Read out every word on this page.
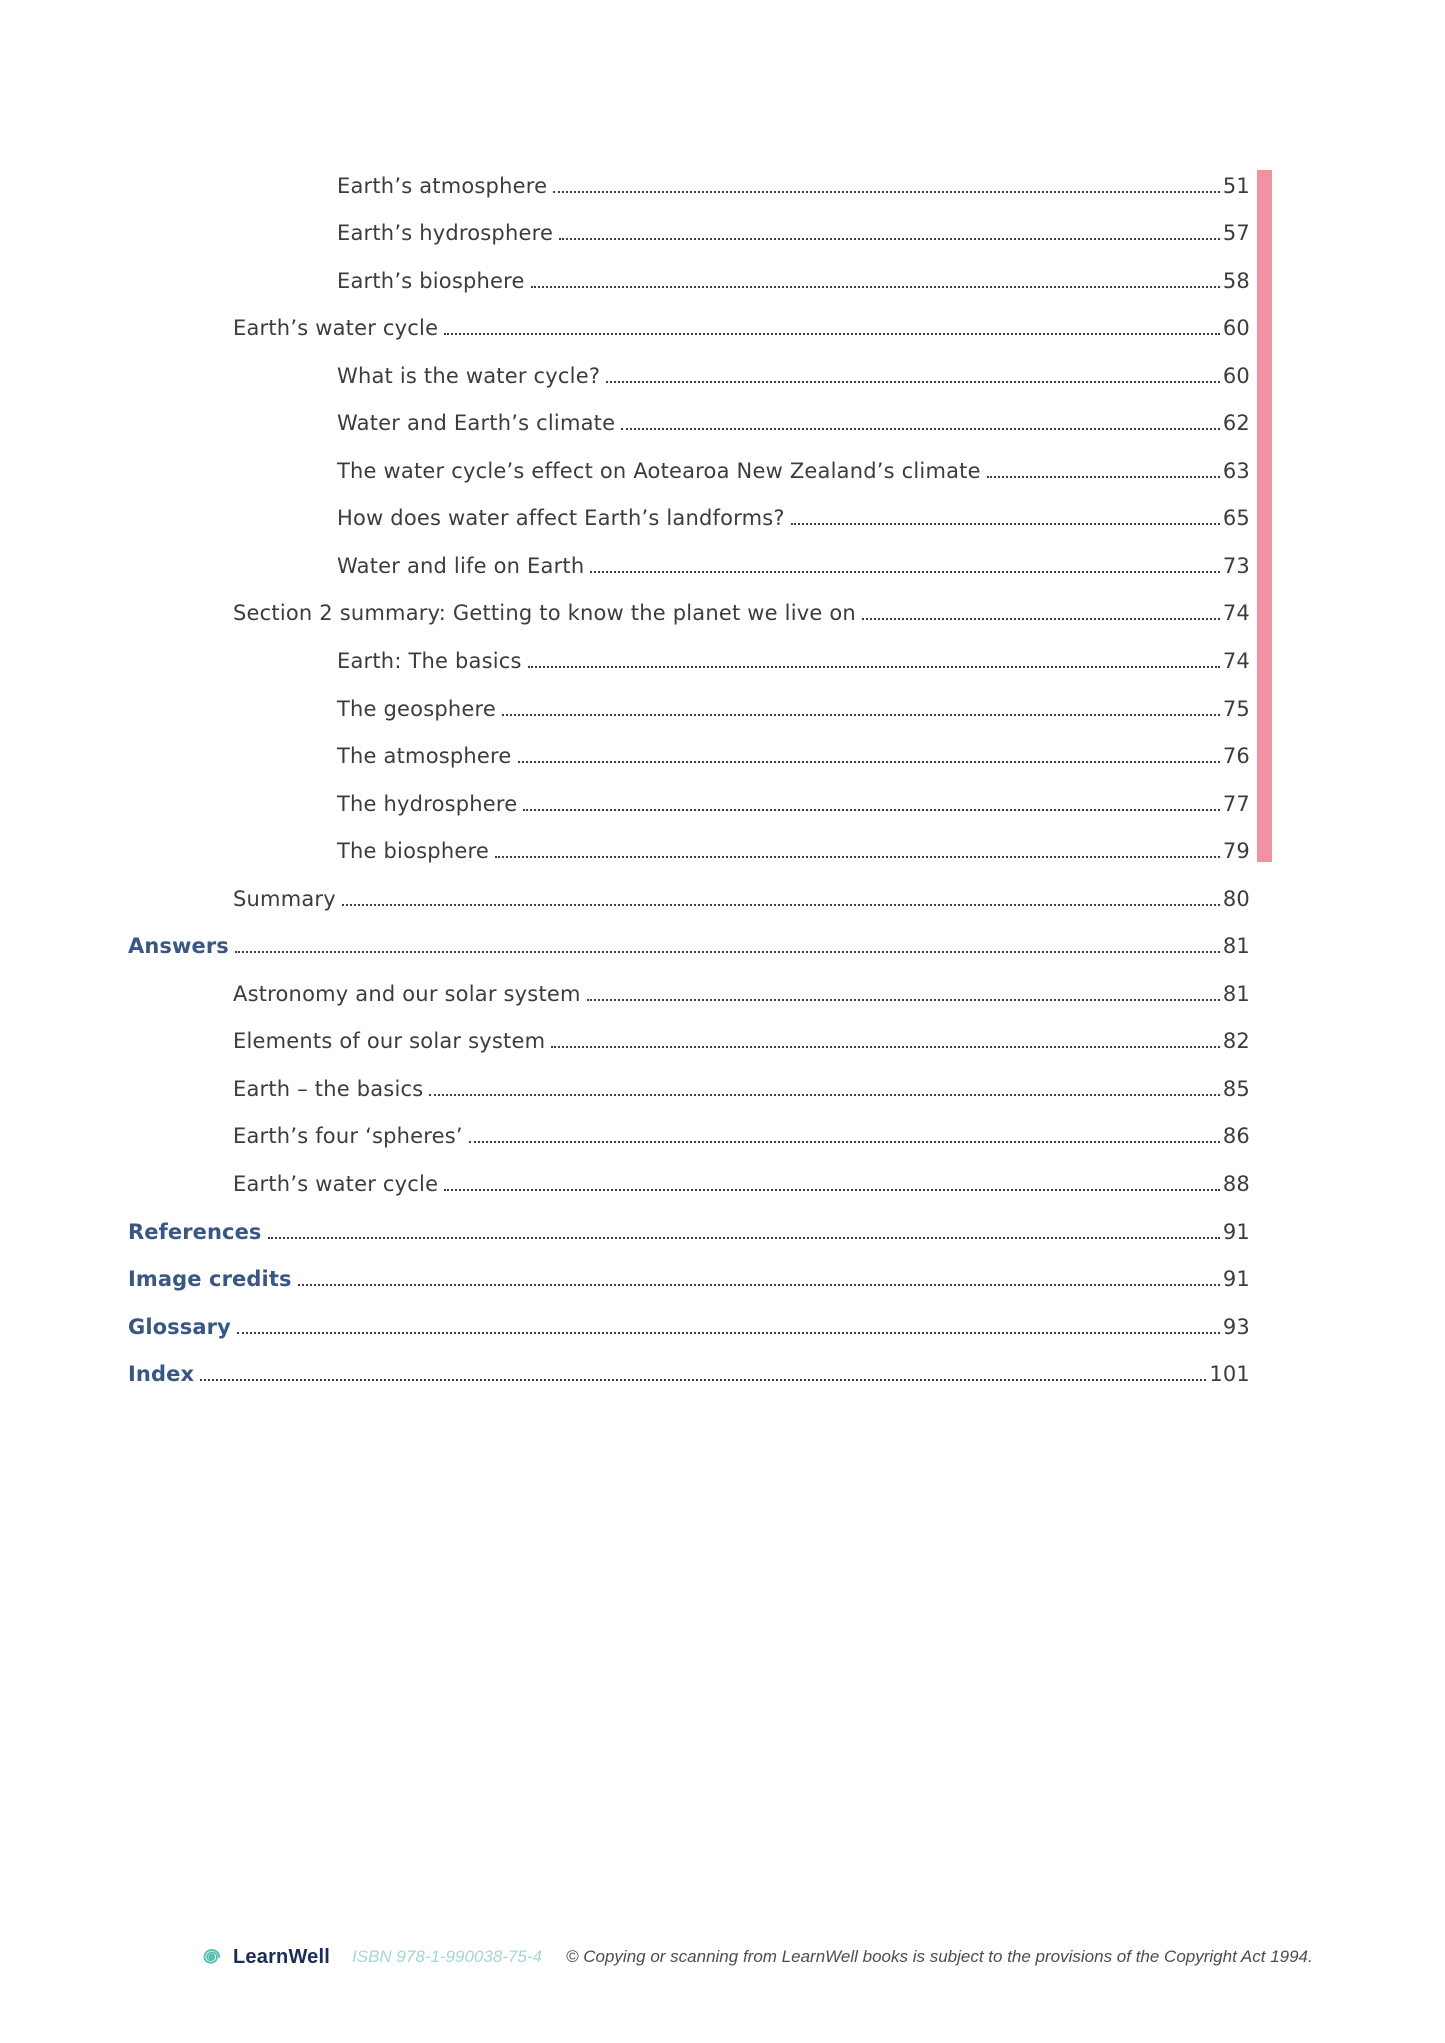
Earth’s atmosphere	51
Earth’s hydrosphere	57
Earth’s biosphere	58
Earth’s water cycle	60
What is the water cycle?	60
Water and Earth’s climate	62
The water cycle’s effect on Aotearoa New Zealand’s climate	63
How does water affect Earth’s landforms?	65
Water and life on Earth	73
Section 2 summary: Getting to know the planet we live on	74
Earth: The basics	74
The geosphere	75
The atmosphere	76
The hydrosphere	77
The biosphere	79
Summary	80
Answers	81
Astronomy and our solar system	81
Elements of our solar system	82
Earth – the basics	85
Earth’s four ‘spheres’	86
Earth’s water cycle	88
References	91
Image credits	91
Glossary	93
Index	101
LearnWell ISBN 978-1-990038-75-4 © Copying or scanning from LearnWell books is subject to the provisions of the Copyright Act 1994.
